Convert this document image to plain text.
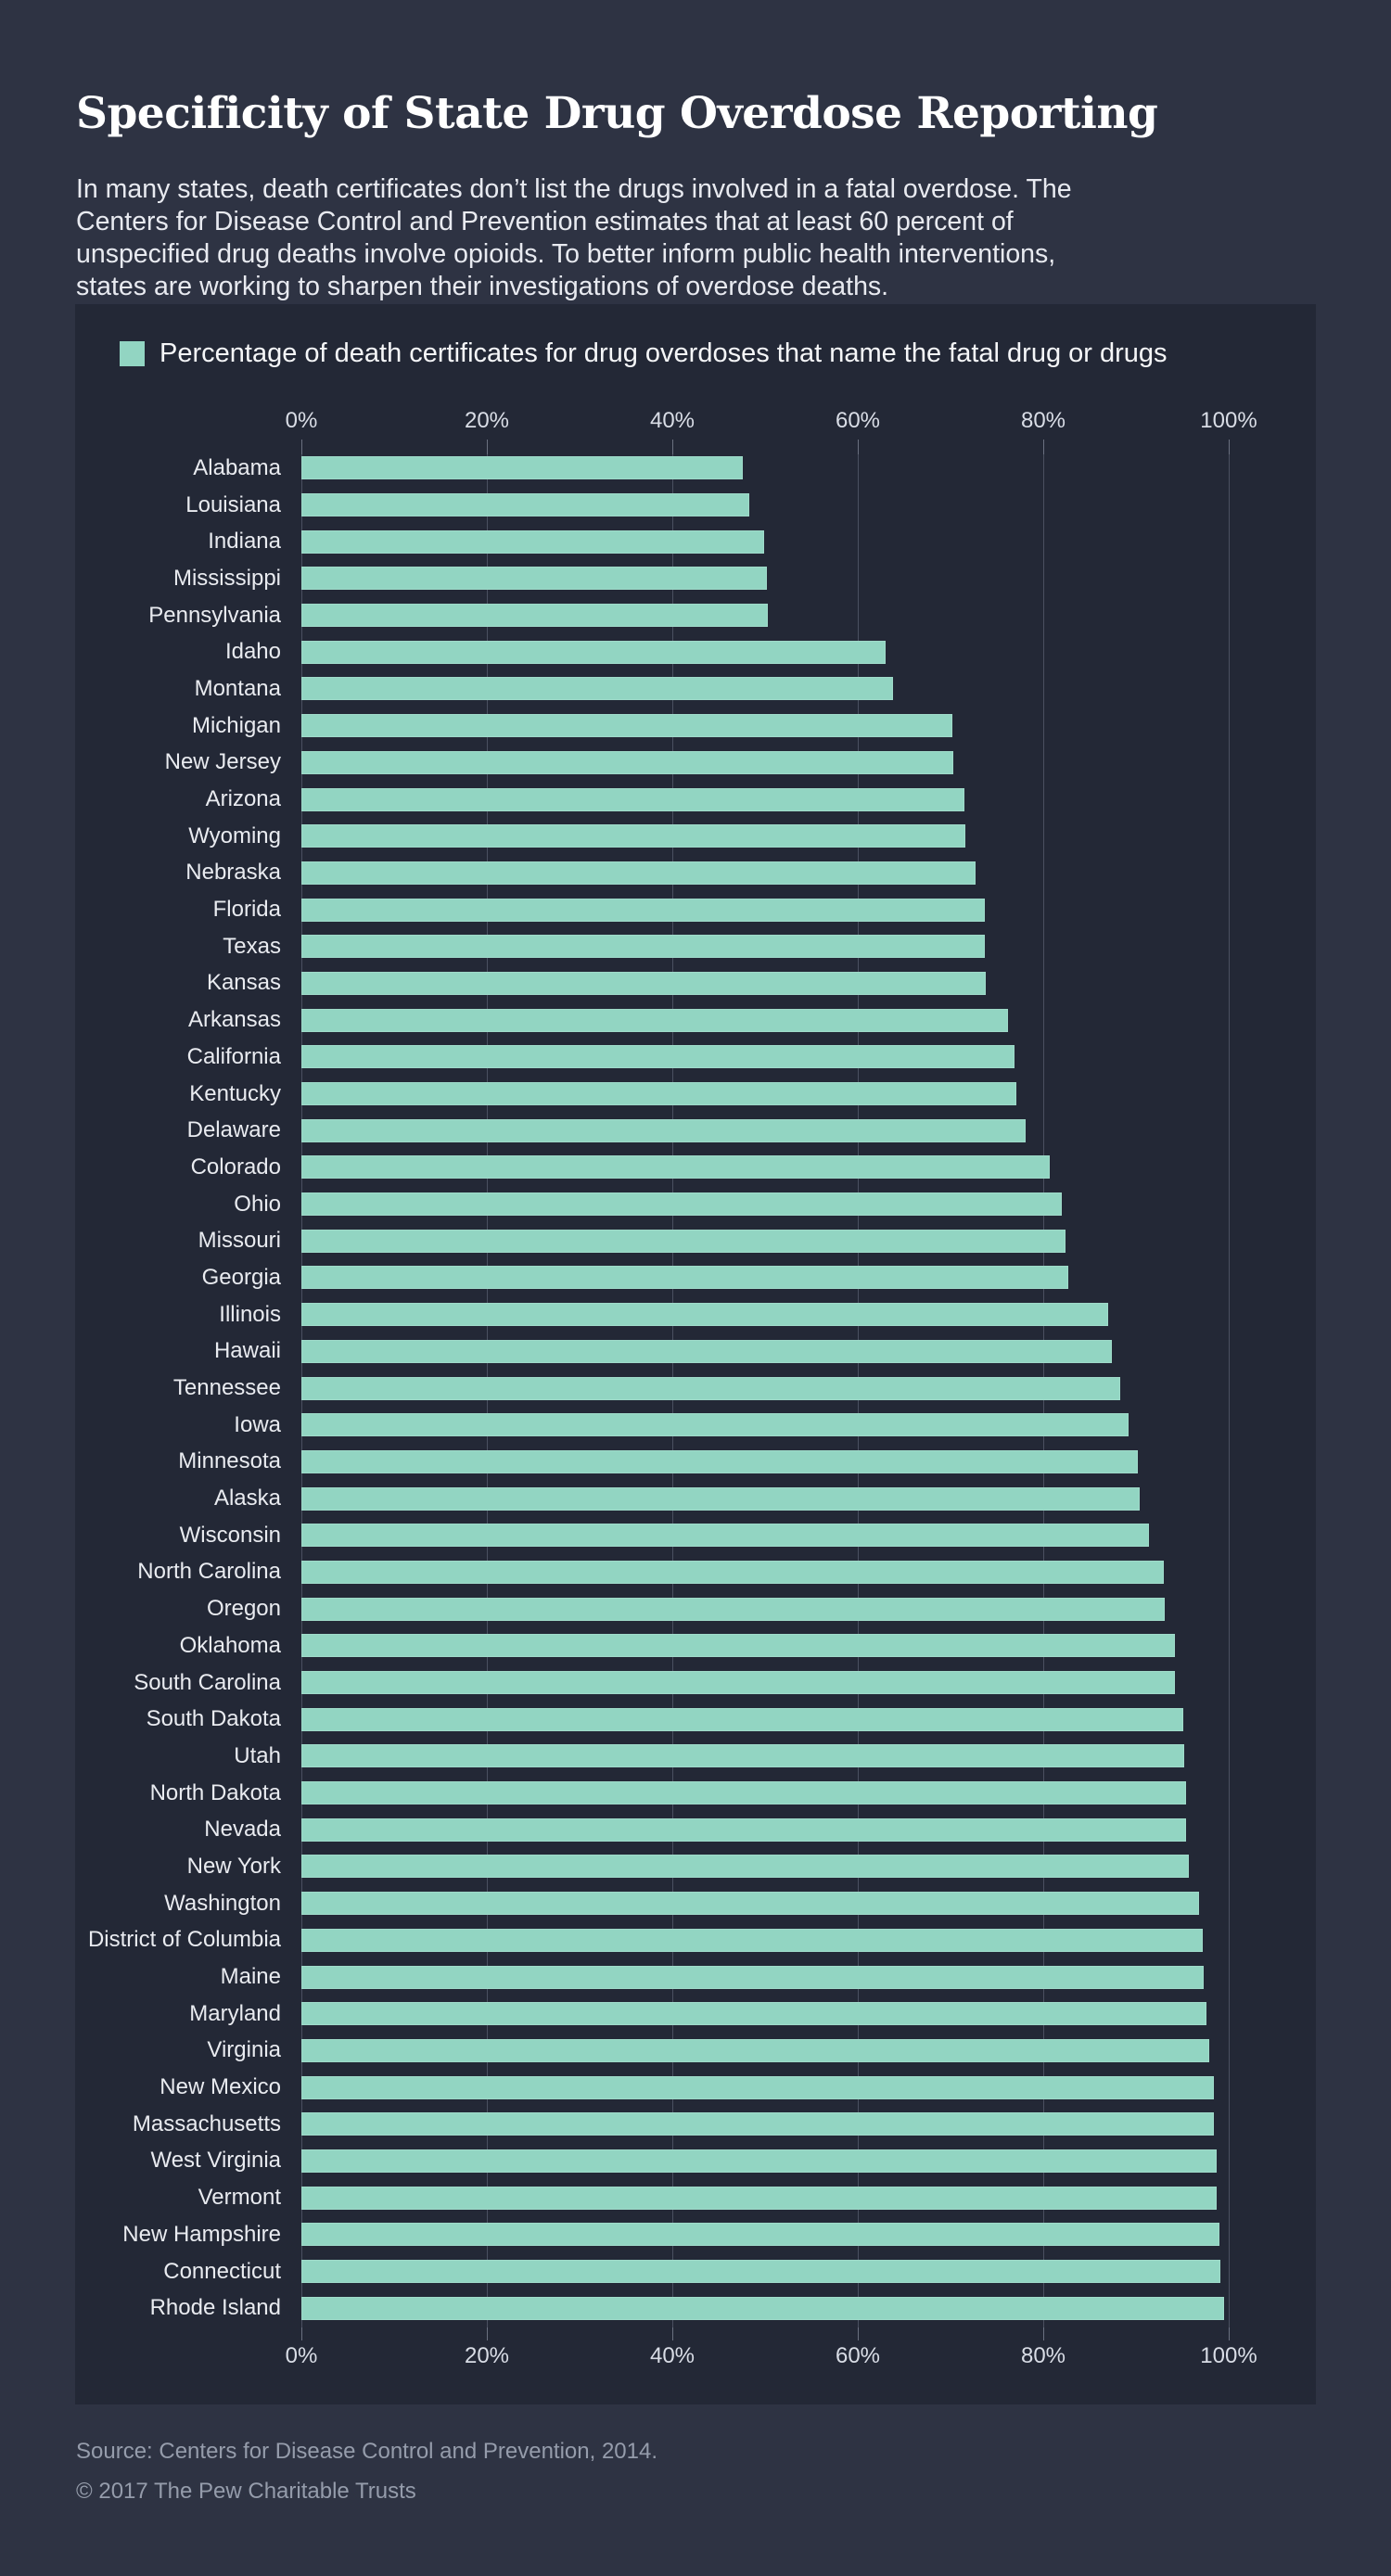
Specificity of State Drug Overdose Reporting

In many states, death certificates don’t list the drugs involved in a fatal overdose. The Centers for Disease Control and Prevention estimates that at least 60 percent of unspecified drug deaths involve opioids. To better inform public health interventions, states are working to sharpen their investigations of overdose deaths.

Percentage of death certificates for drug overdoses that name the fatal drug or drugs
0%	20%	40%	60%	80%	100%
0%	20%	40%	60%	80%	100%
Alabama
Louisiana
Indiana
Mississippi
Pennsylvania
Idaho
Montana
Michigan
New Jersey
Arizona
Wyoming
Nebraska
Florida
Texas
Kansas
Arkansas
California
Kentucky
Delaware
Colorado
Ohio
Missouri
Georgia
Illinois
Hawaii
Tennessee
Iowa
Minnesota
Alaska
Wisconsin
North Carolina
Oregon
Oklahoma
South Carolina
South Dakota
Utah
North Dakota
Nevada
New York
Washington
District of Columbia
Maine
Maryland
Virginia
New Mexico
Massachusetts
West Virginia
Vermont
New Hampshire
Connecticut
Rhode Island
Source: Centers for Disease Control and Prevention, 2014.
© 2017 The Pew Charitable Trusts
